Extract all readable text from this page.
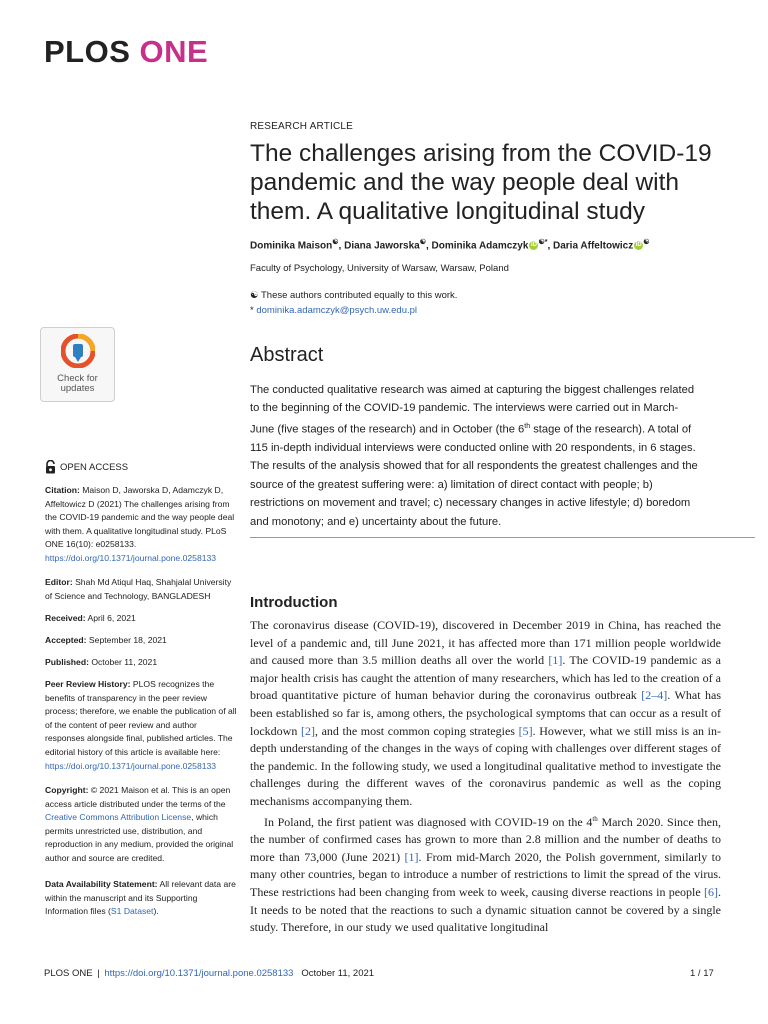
PLOS ONE
RESEARCH ARTICLE
The challenges arising from the COVID-19 pandemic and the way people deal with them. A qualitative longitudinal study
Dominika Maison☯, Diana Jaworska☯, Dominika Adamczyk iD ☯*, Daria Affeltowicz iD ☯
Faculty of Psychology, University of Warsaw, Warsaw, Poland
☯ These authors contributed equally to this work.
* dominika.adamczyk@psych.uw.edu.pl
Abstract
The conducted qualitative research was aimed at capturing the biggest challenges related to the beginning of the COVID-19 pandemic. The interviews were carried out in March-June (five stages of the research) and in October (the 6th stage of the research). A total of 115 in-depth individual interviews were conducted online with 20 respondents, in 6 stages. The results of the analysis showed that for all respondents the greatest challenges and the source of the greatest suffering were: a) limitation of direct contact with people; b) restrictions on movement and travel; c) necessary changes in active lifestyle; d) boredom and monotony; and e) uncertainty about the future.
Introduction

The coronavirus disease (COVID-19), discovered in December 2019 in China, has reached the level of a pandemic and, till June 2021, it has affected more than 171 million people worldwide and caused more than 3.5 million deaths all over the world [1]. The COVID-19 pandemic as a major health crisis has caught the attention of many researchers, which has led to the creation of a broad quantitative picture of human behavior during the coronavirus outbreak [2–4]. What has been established so far is, among others, the psychological symptoms that can occur as a result of lockdown [2], and the most common coping strategies [5]. However, what we still miss is an in-depth understanding of the changes in the ways of coping with challenges over different stages of the pandemic. In the following study, we used a longitudinal qualitative method to investigate the challenges during the different waves of the coronavirus pandemic as well as the coping mechanisms accompanying them.

In Poland, the first patient was diagnosed with COVID-19 on the 4th March 2020. Since then, the number of confirmed cases has grown to more than 2.8 million and the number of deaths to more than 73,000 (June 2021) [1]. From mid-March 2020, the Polish government, similarly to many other countries, began to introduce a number of restrictions to limit the spread of the virus. These restrictions had been changing from week to week, causing diverse reactions in people [6]. It needs to be noted that the reactions to such a dynamic situation cannot be covered by a single study. Therefore, in our study we used qualitative longitudinal

Check for updates
OPEN ACCESS
Citation: Maison D, Jaworska D, Adamczyk D, Affeltowicz D (2021) The challenges arising from the COVID-19 pandemic and the way people deal with them. A qualitative longitudinal study. PLoS ONE 16(10): e0258133. https://doi.org/10.1371/journal.pone.0258133
Editor: Shah Md Atiqul Haq, Shahjalal University of Science and Technology, BANGLADESH
Received: April 6, 2021
Accepted: September 18, 2021
Published: October 11, 2021
Peer Review History: PLOS recognizes the benefits of transparency in the peer review process; therefore, we enable the publication of all of the content of peer review and author responses alongside final, published articles. The editorial history of this article is available here: https://doi.org/10.1371/journal.pone.0258133
Copyright: © 2021 Maison et al. This is an open access article distributed under the terms of the Creative Commons Attribution License, which permits unrestricted use, distribution, and reproduction in any medium, provided the original author and source are credited.
Data Availability Statement: All relevant data are within the manuscript and its Supporting Information files (S1 Dataset).
PLOS ONE | https://doi.org/10.1371/journal.pone.0258133 October 11, 2021	1 / 17
